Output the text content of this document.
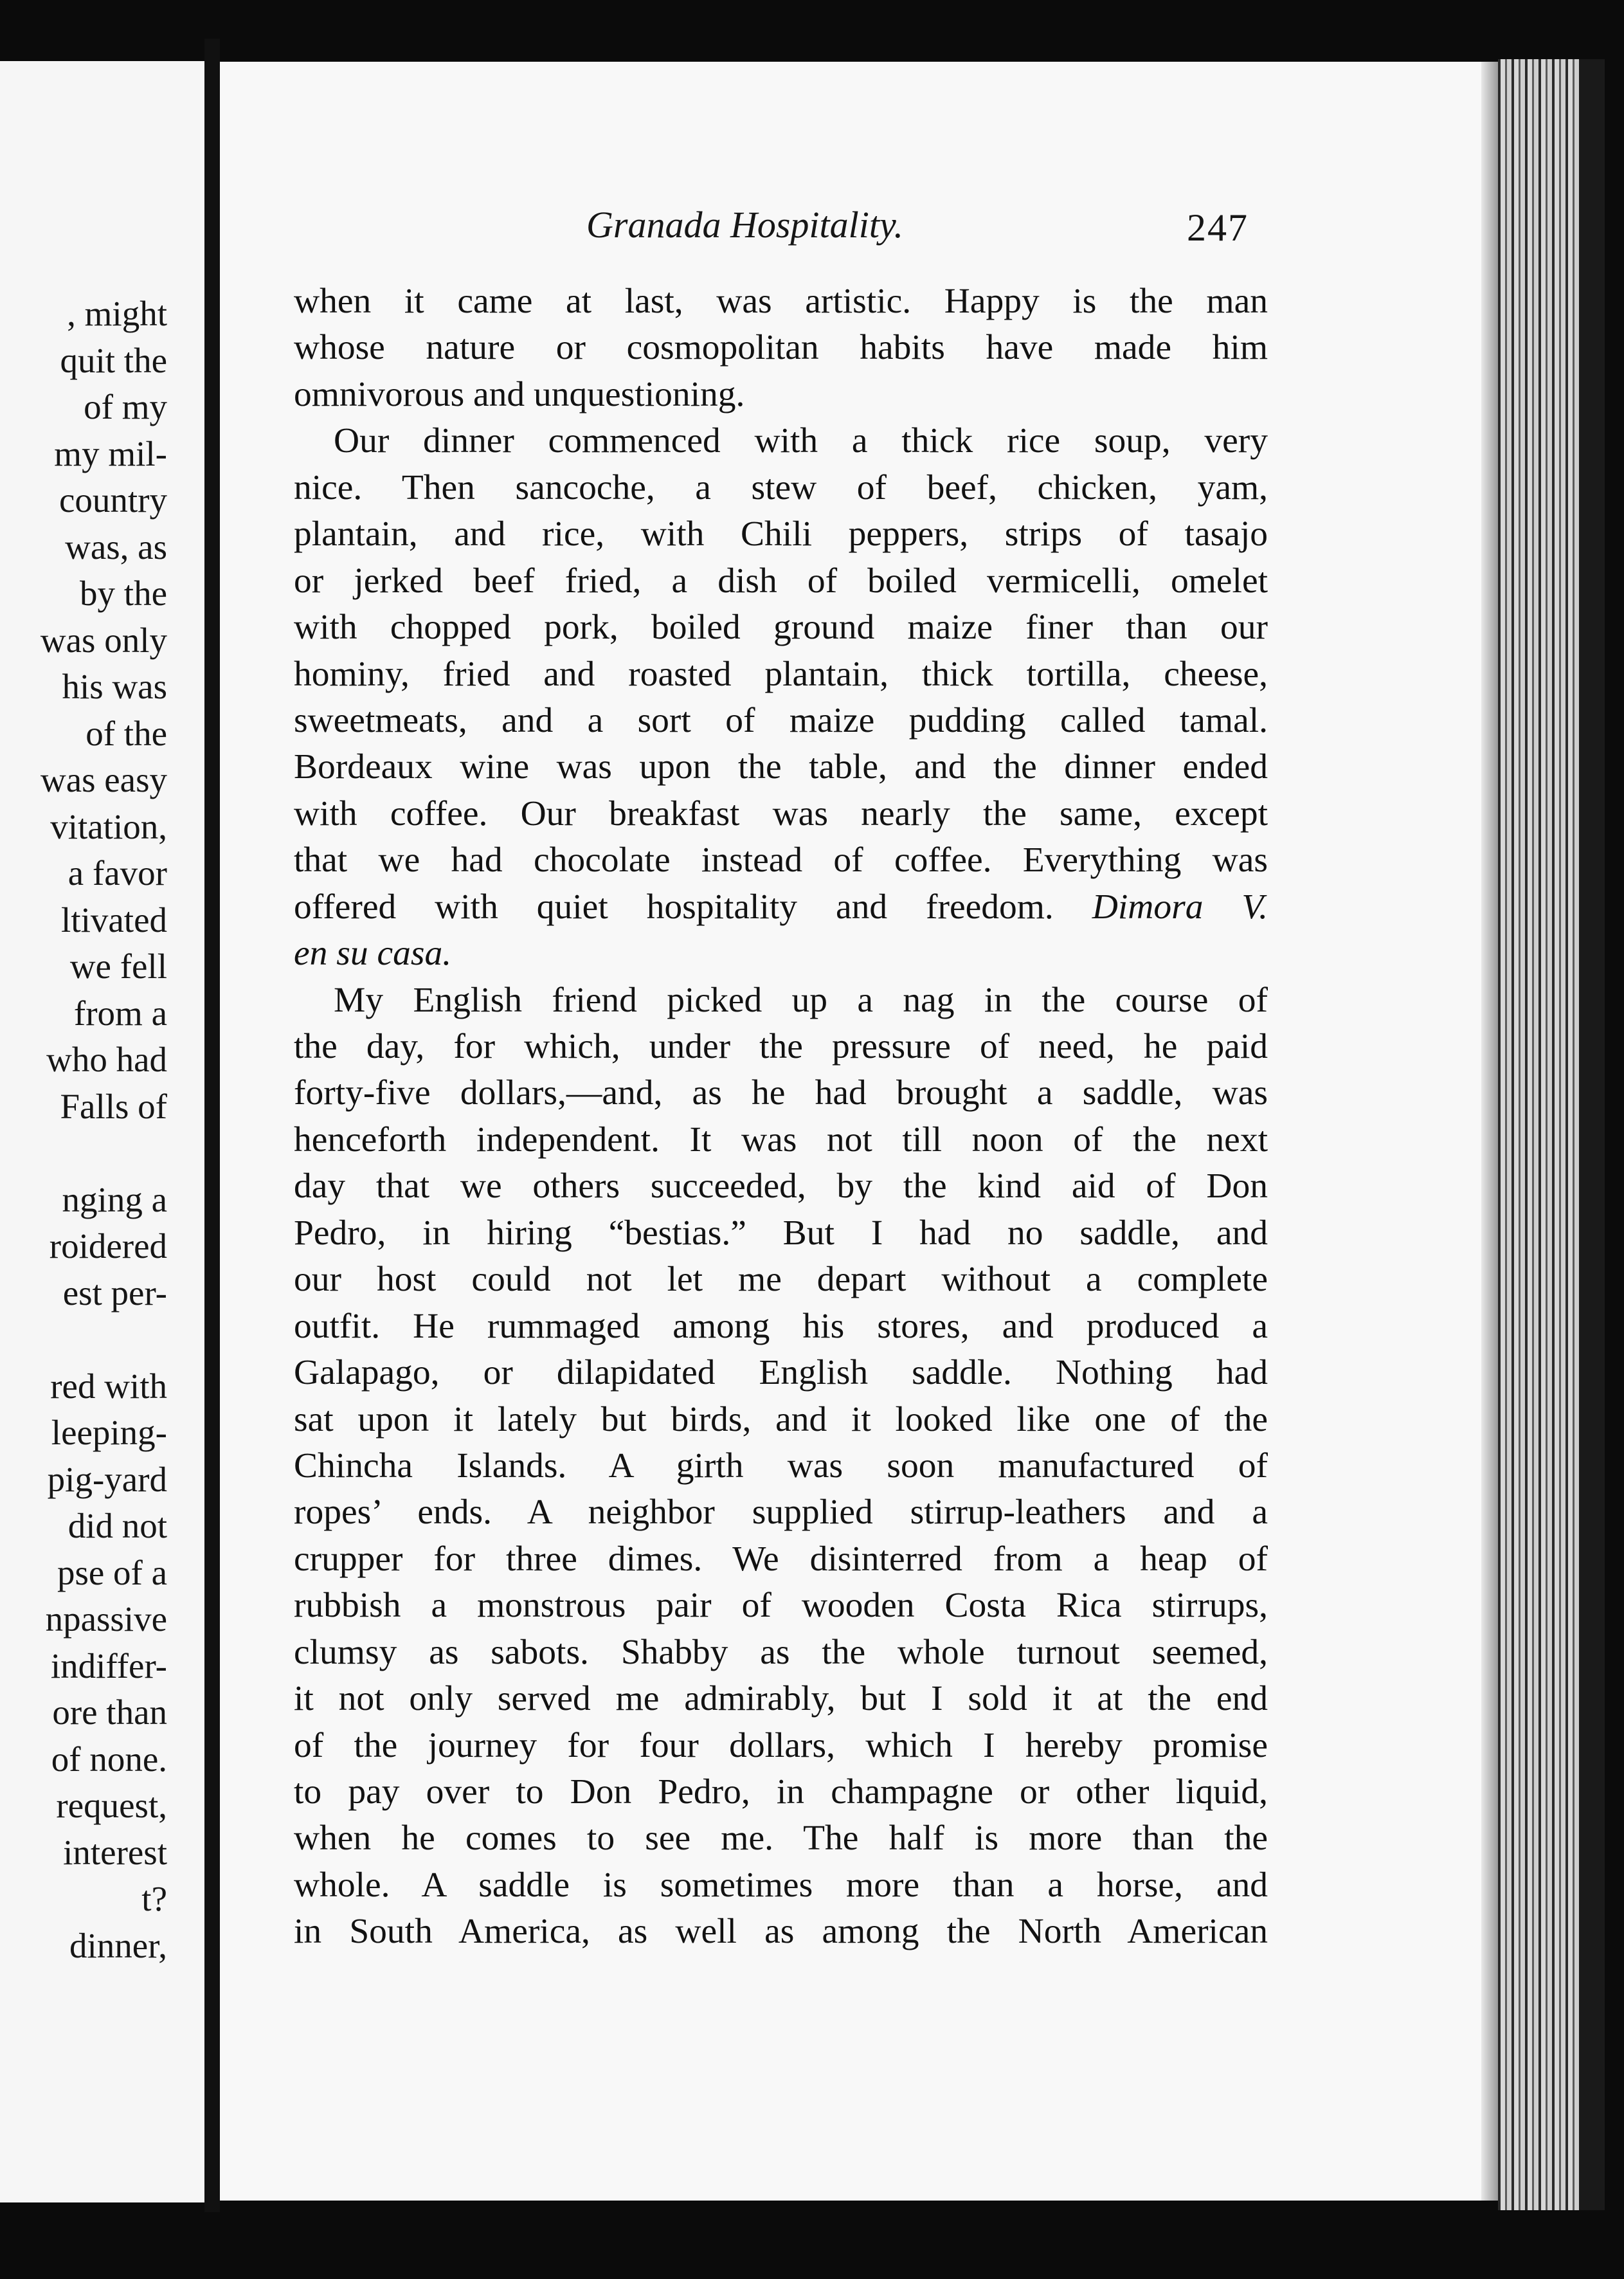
, might
quit the
of my
my mil-
country
was, as
by the
was only
his was
of the
was easy
vitation,
a favor
ltivated
we fell
from a
who had
Falls of
nging a
roidered
est per-
red with
leeping-
pig-yard
did not
pse of a
npassive
indiffer-
ore than
of none.
request,
interest
t?
dinner,
Granada Hospitality.	247
when it came at last, was artistic. Happy is the man
whose nature or cosmopolitan habits have made him
omnivorous and unquestioning.
Our dinner commenced with a thick rice soup, very
nice. Then sancoche, a stew of beef, chicken, yam,
plantain, and rice, with Chili peppers, strips of tasajo
or jerked beef fried, a dish of boiled vermicelli, omelet
with chopped pork, boiled ground maize finer than our
hominy, fried and roasted plantain, thick tortilla, cheese,
sweetmeats, and a sort of maize pudding called tamal.
Bordeaux wine was upon the table, and the dinner ended
with coffee. Our breakfast was nearly the same, except
that we had chocolate instead of coffee. Everything was
offered with quiet hospitality and freedom. Dimora V.
en su casa.
My English friend picked up a nag in the course of
the day, for which, under the pressure of need, he paid
forty-five dollars,—and, as he had brought a saddle, was
henceforth independent. It was not till noon of the next
day that we others succeeded, by the kind aid of Don
Pedro, in hiring “bestias.” But I had no saddle, and
our host could not let me depart without a complete
outfit. He rummaged among his stores, and produced a
Galapago, or dilapidated English saddle. Nothing had
sat upon it lately but birds, and it looked like one of the
Chincha Islands. A girth was soon manufactured of
ropes’ ends. A neighbor supplied stirrup-leathers and a
crupper for three dimes. We disinterred from a heap of
rubbish a monstrous pair of wooden Costa Rica stirrups,
clumsy as sabots. Shabby as the whole turnout seemed,
it not only served me admirably, but I sold it at the end
of the journey for four dollars, which I hereby promise
to pay over to Don Pedro, in champagne or other liquid,
when he comes to see me. The half is more than the
whole. A saddle is sometimes more than a horse, and
in South America, as well as among the North American
